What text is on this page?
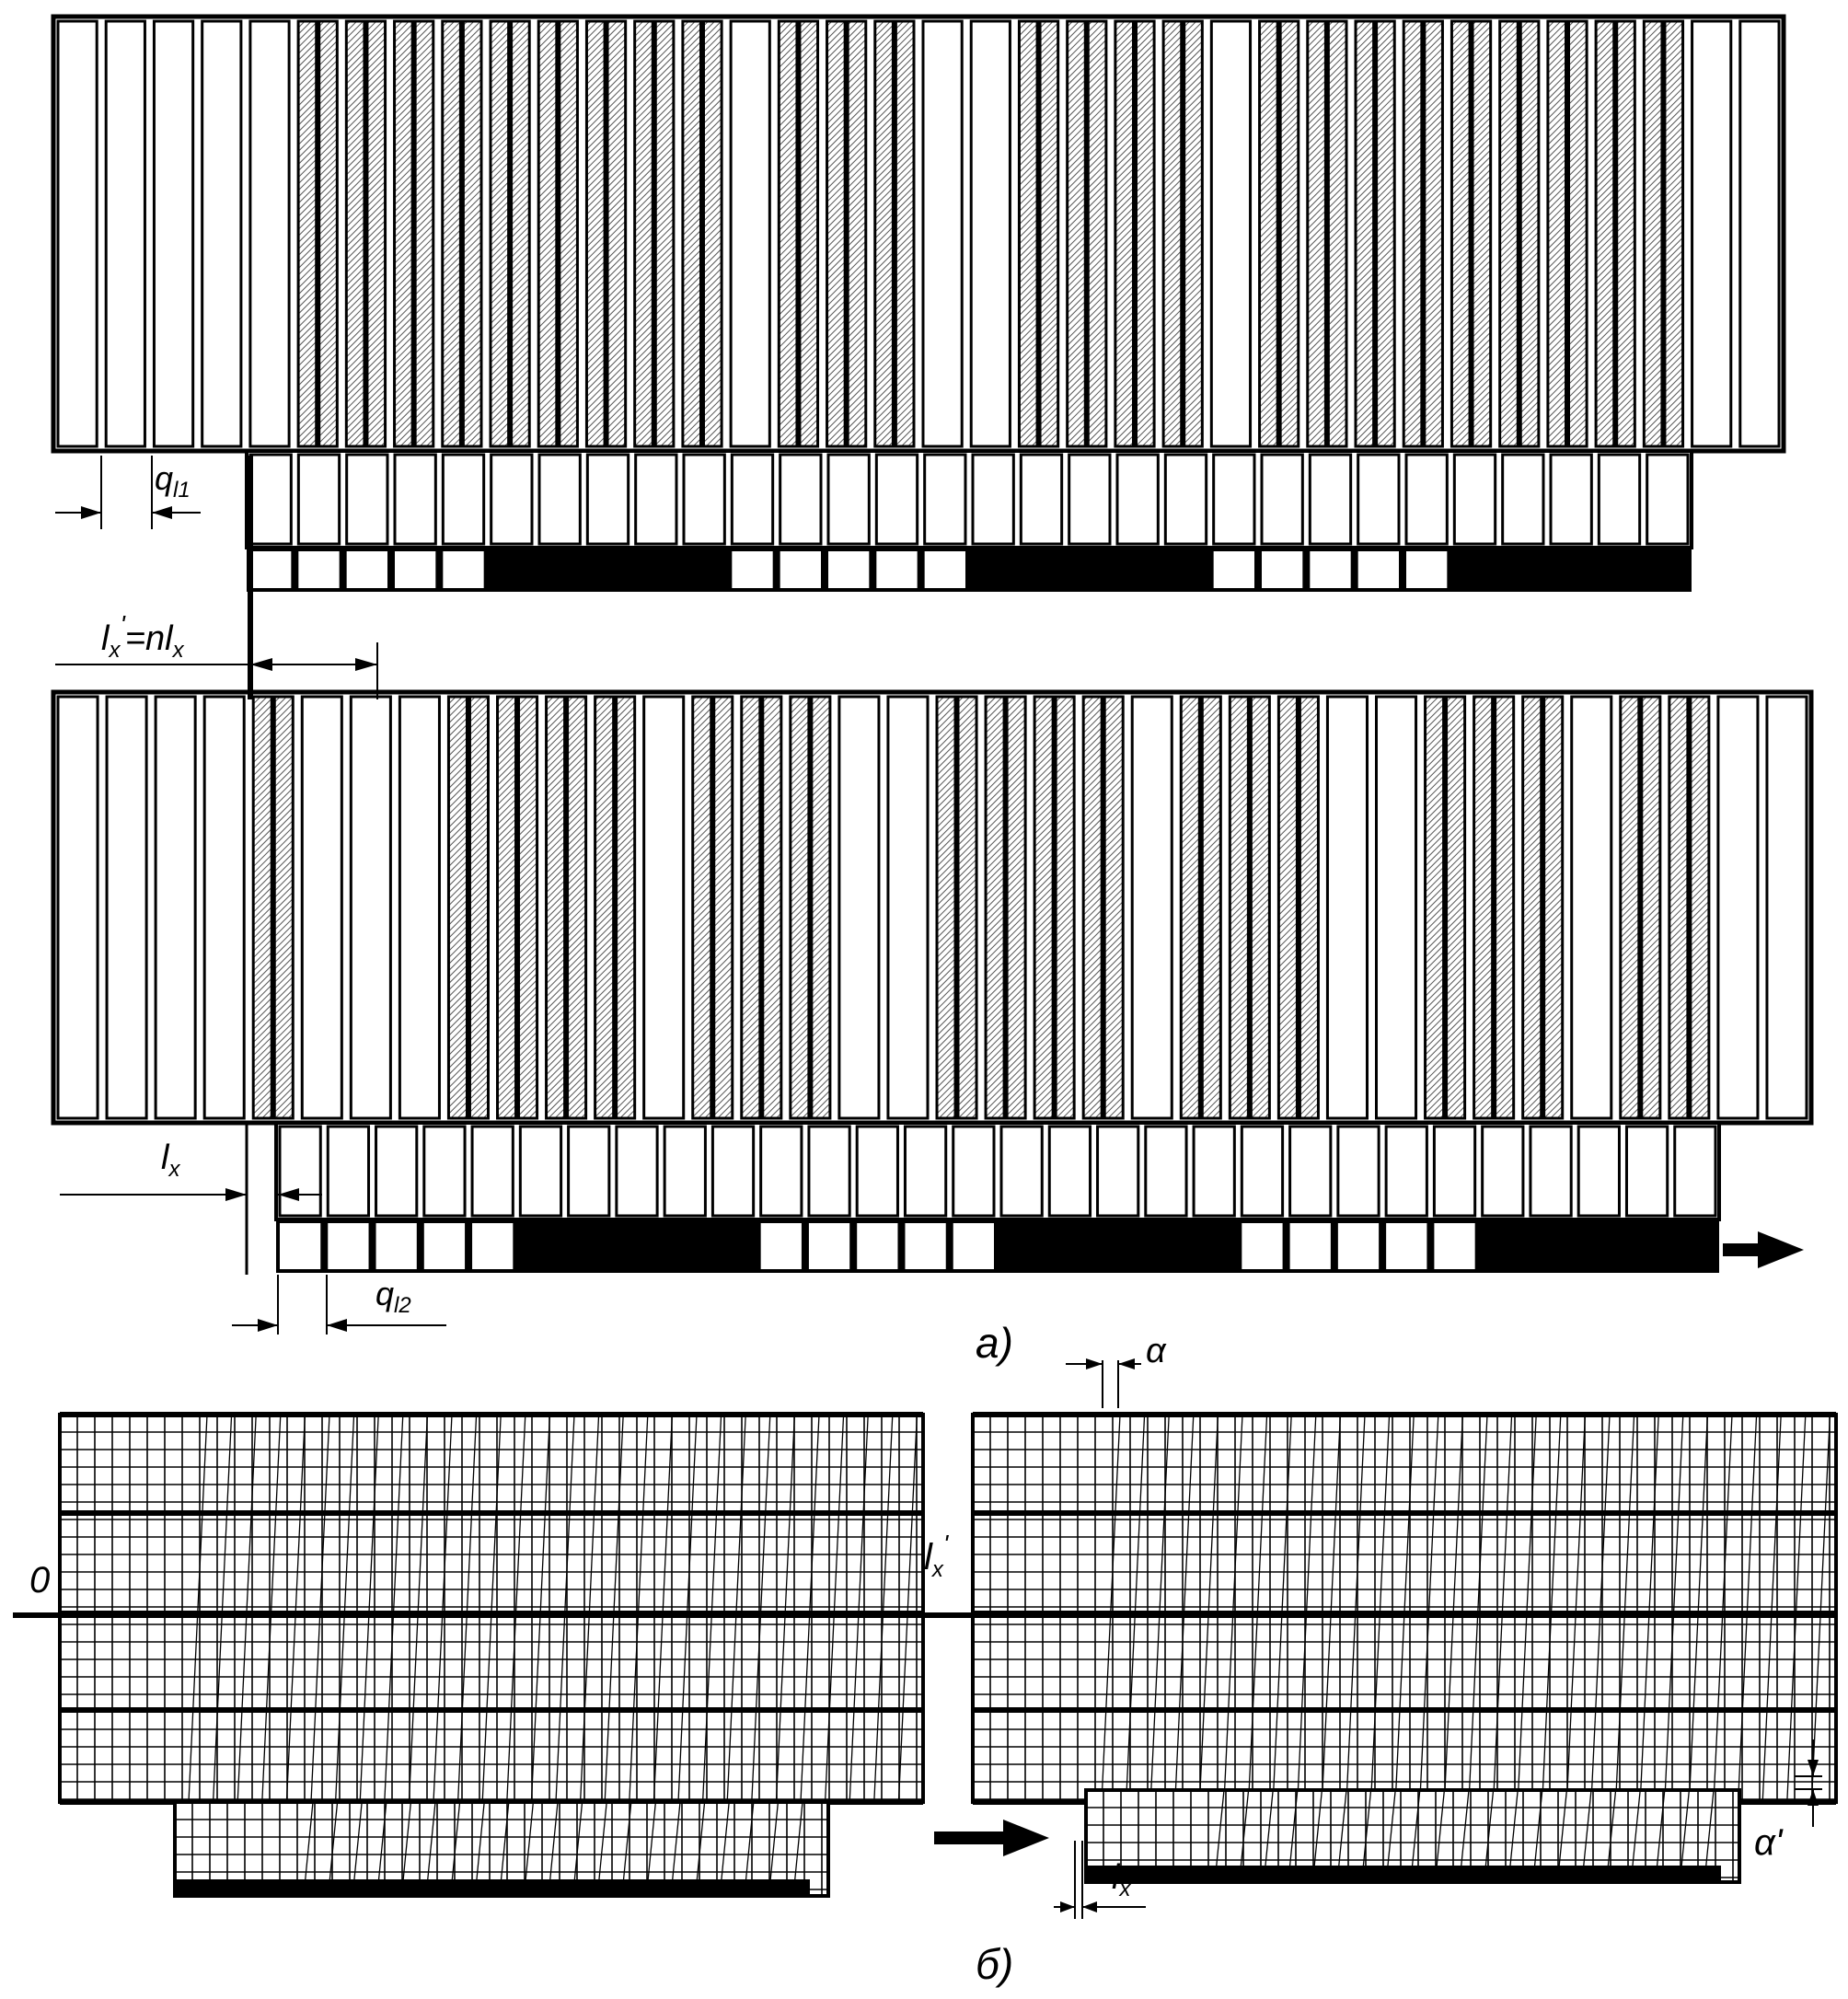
$q_{l1}$
$l_x'=nl_x$
$l_x$
$q_{l2}$
а)
0
$l_x'$
α
α'
$l_x$
б)
